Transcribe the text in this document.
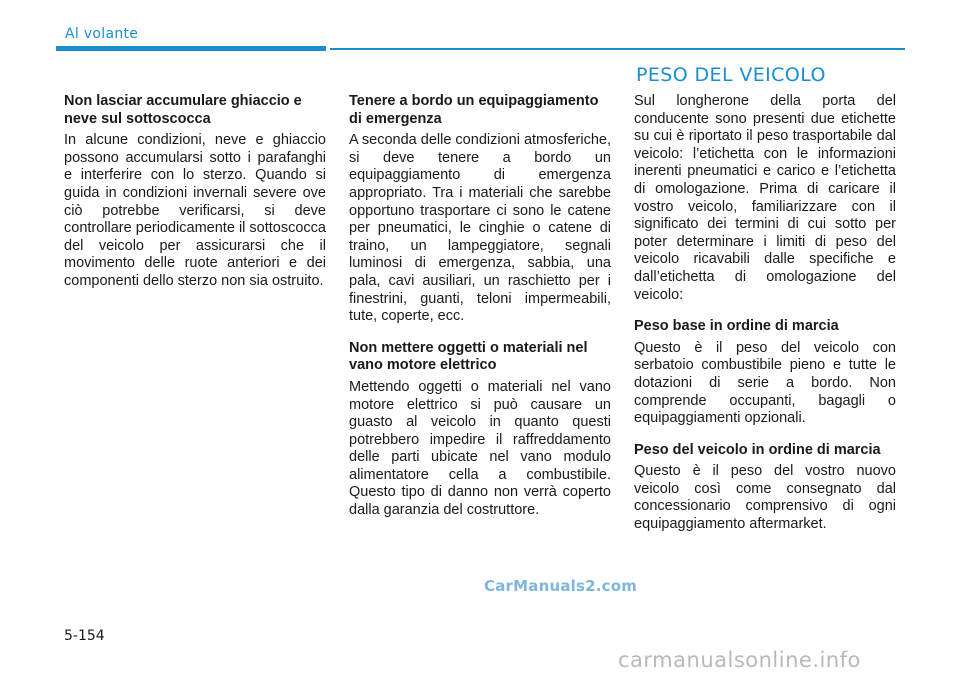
Al volante
Non lasciar accumulare ghiaccio e neve sul sottoscocca

In alcune condizioni, neve e ghiaccio possono accumularsi sotto i parafanghi e interferire con lo sterzo. Quando si guida in condizioni invernali severe ove ciò potrebbe verificarsi, si deve controllare periodicamente il sottoscocca del veicolo per assicurarsi che il movimento delle ruote anteriori e dei componenti dello sterzo non sia ostruito.

Tenere a bordo un equipaggiamento di emergenza

A seconda delle condizioni atmosferiche, si deve tenere a bordo un equipaggiamento di emergenza appropriato. Tra i materiali che sarebbe opportuno trasportare ci sono le catene per pneumatici, le cinghie o catene di traino, un lampeggiatore, segnali luminosi di emergenza, sabbia, una pala, cavi ausiliari, un raschietto per i finestrini, guanti, teloni impermeabili, tute, coperte, ecc.

Non mettere oggetti o materiali nel vano motore elettrico

Mettendo oggetti o materiali nel vano motore elettrico si può causare un guasto al veicolo in quanto questi potrebbero impedire il raffreddamento delle parti ubicate nel vano modulo alimentatore cella a combustibile. Questo tipo di danno non verrà coperto dalla garanzia del costruttore.

PESO DEL VEICOLO

Sul longherone della porta del conducente sono presenti due etichette su cui è riportato il peso trasportabile dal veicolo: l’etichetta con le informazioni inerenti pneumatici e carico e l’etichetta di omologazione. Prima di caricare il vostro veicolo, familiarizzare con il significato dei termini di cui sotto per poter determinare i limiti di peso del veicolo ricavabili dalle specifiche e dall’etichetta di omologazione del veicolo:

Peso base in ordine di marcia

Questo è il peso del veicolo con serbatoio combustibile pieno e tutte le dotazioni di serie a bordo. Non comprende occupanti, bagagli o equipaggiamenti opzionali.

Peso del veicolo in ordine di marcia

Questo è il peso del vostro nuovo veicolo così come consegnato dal concessionario comprensivo di ogni equipaggiamento aftermarket.

CarManuals2.com
5-154
carmanualsonline.info
